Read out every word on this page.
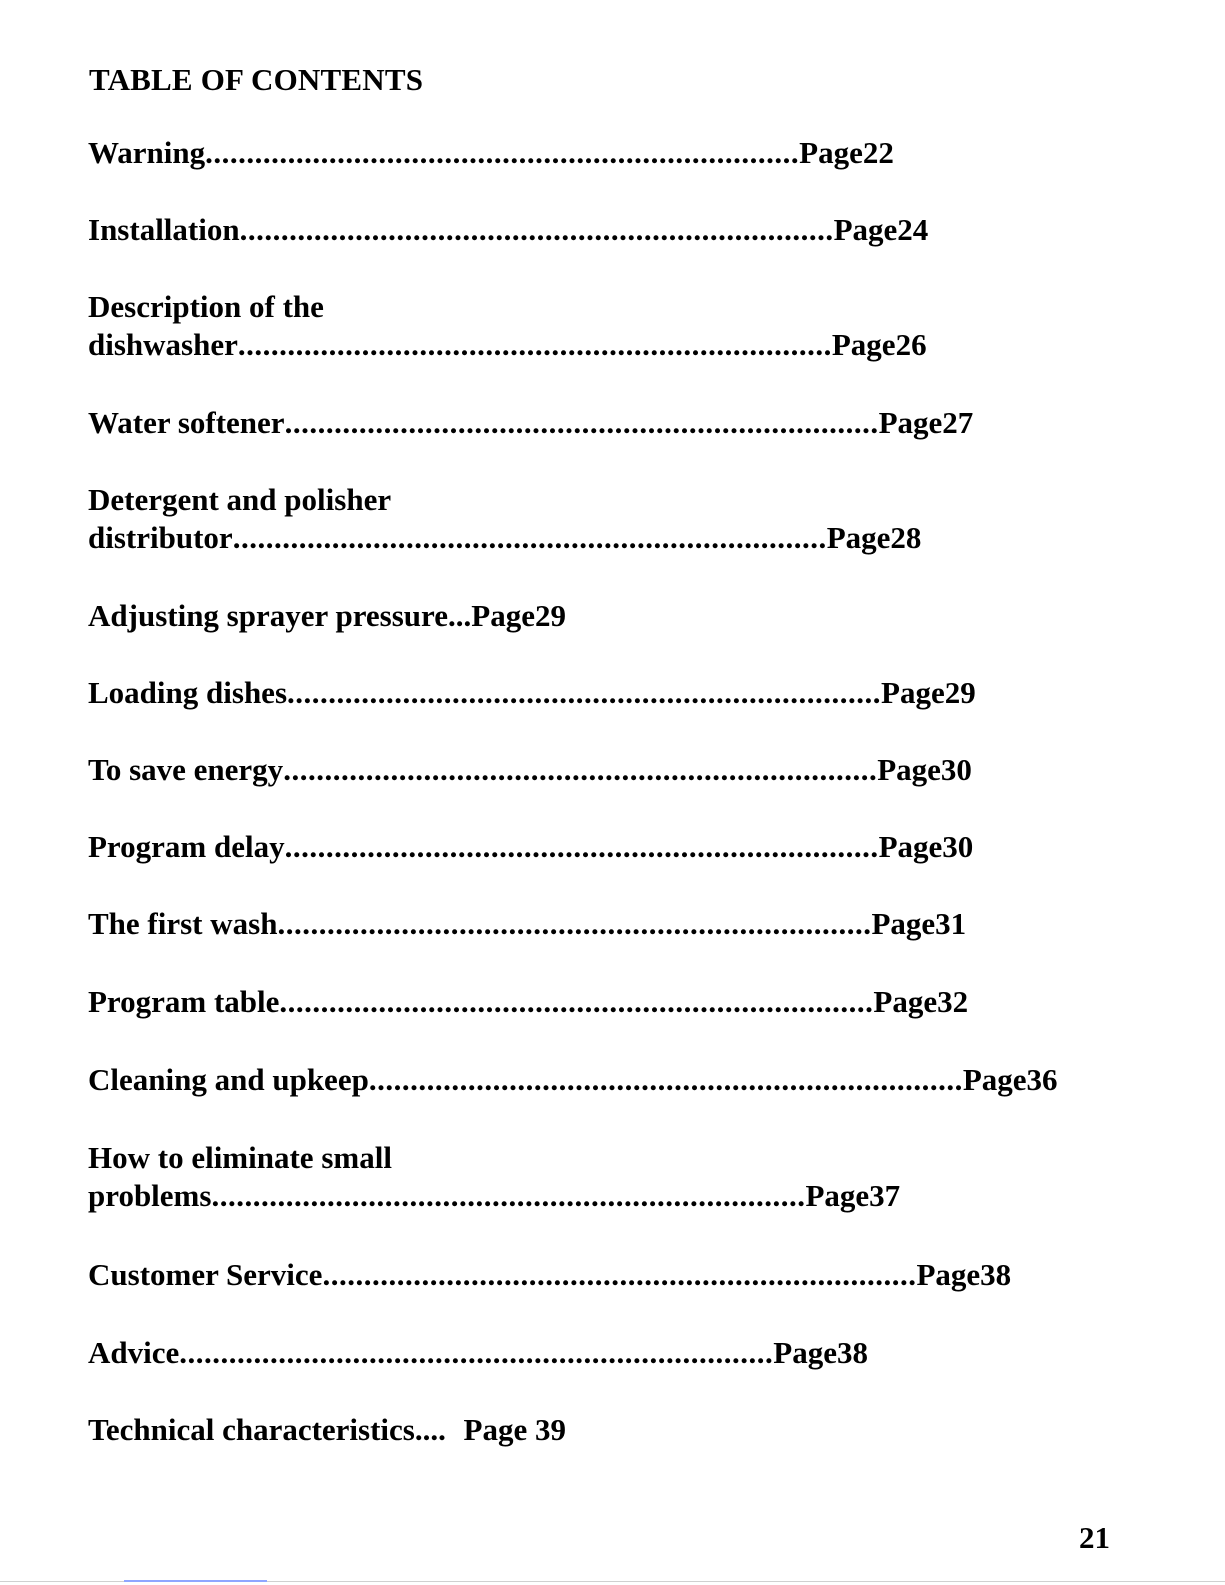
TABLE OF CONTENTS
Warning ........................................................................ Page22
Installation ........................................................................ Page24
Description of the
dishwasher ........................................................................ Page26
Water softener ........................................................................ Page27
Detergent and polisher
distributor ........................................................................ Page28
Adjusting sprayer pressure... Page29
Loading dishes ........................................................................ Page29
To save energy ........................................................................ Page30
Program delay ........................................................................ Page30
The first wash ........................................................................ Page31
Program table ........................................................................ Page32
Cleaning and upkeep ........................................................................ Page36
How to eliminate small
problems ........................................................................ Page37
Customer Service ........................................................................ Page38
Advice ........................................................................ Page38
Technical characteristics.... Page 39
21
